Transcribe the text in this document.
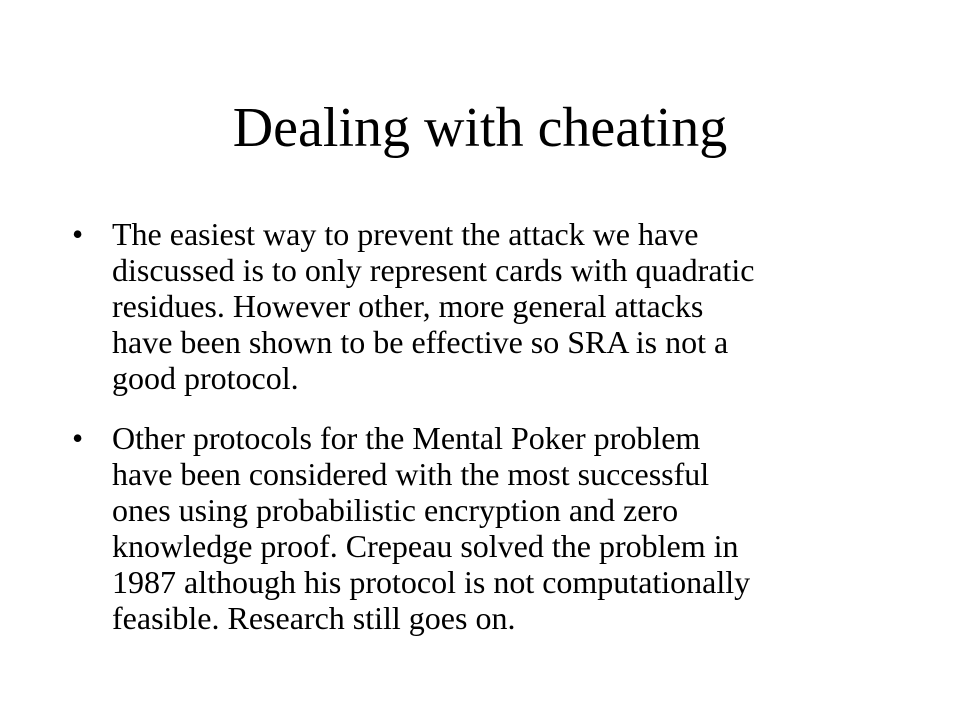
Dealing with cheating
• The easiest way to prevent the attack we have
discussed is to only represent cards with quadratic
residues. However other, more general attacks
have been shown to be effective so SRA is not a
good protocol.
• Other protocols for the Mental Poker problem
have been considered with the most successful
ones using probabilistic encryption and zero
knowledge proof. Crepeau solved the problem in
1987 although his protocol is not computationally
feasible. Research still goes on.
